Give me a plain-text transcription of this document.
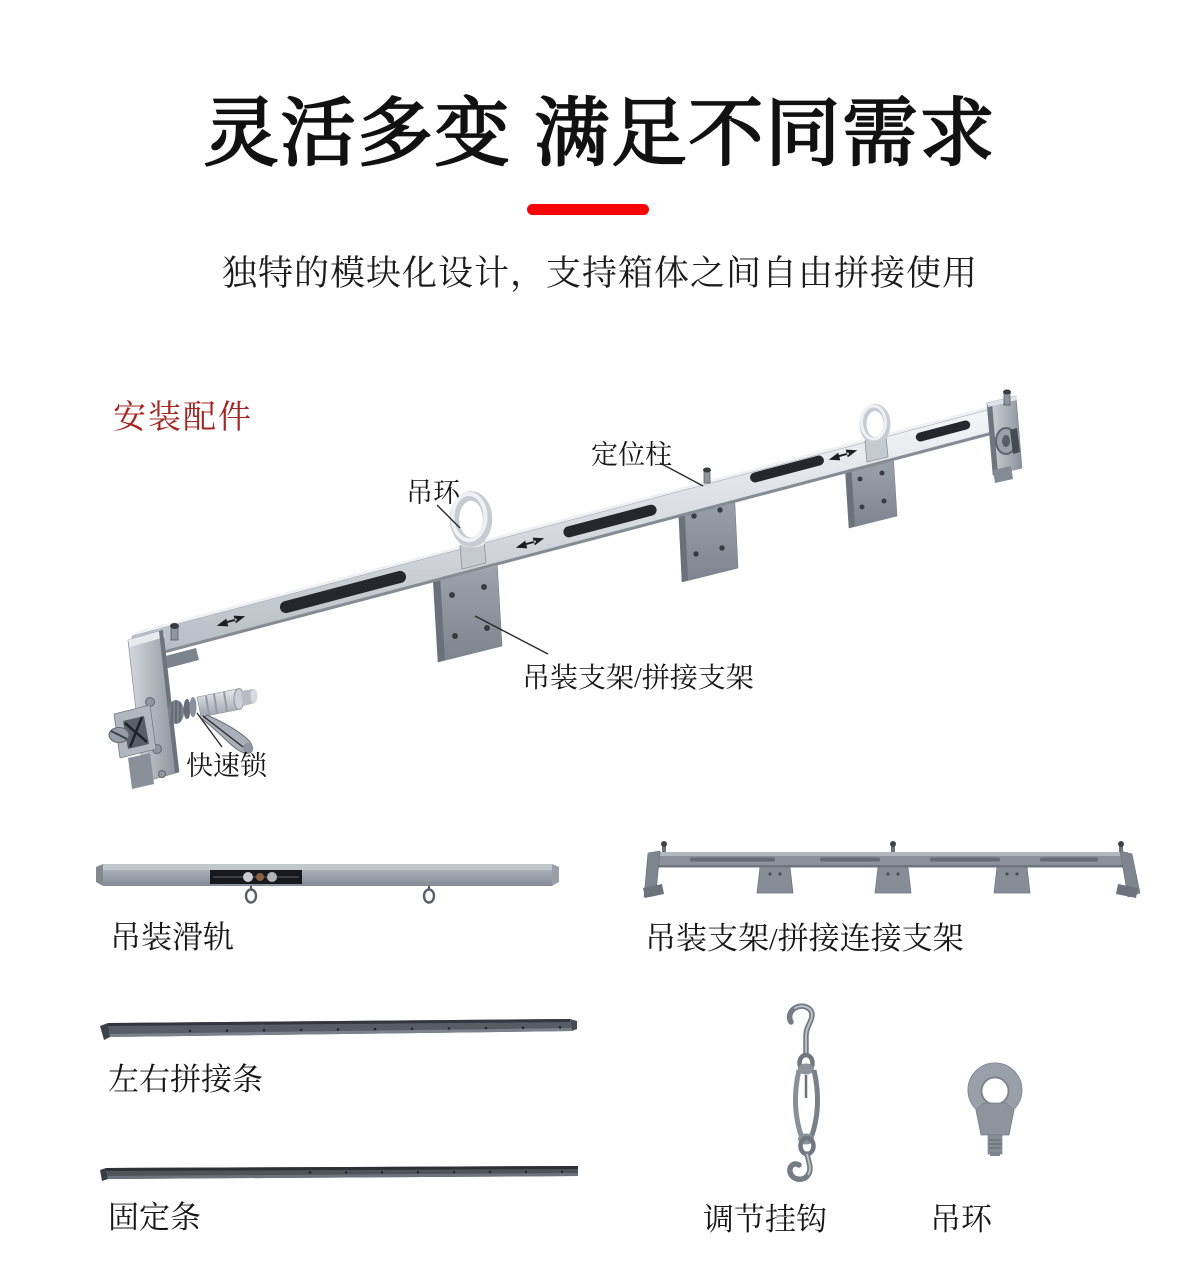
灵活多变 满足不同需求
独特的模块化设计，支持箱体之间自由拼接使用
安装配件
吊环
定位柱
吊装支架/拼接支架
快速锁
吊装滑轨	吊装支架/拼接连接支架
左右拼接条
固定条	调节挂钩	吊环
